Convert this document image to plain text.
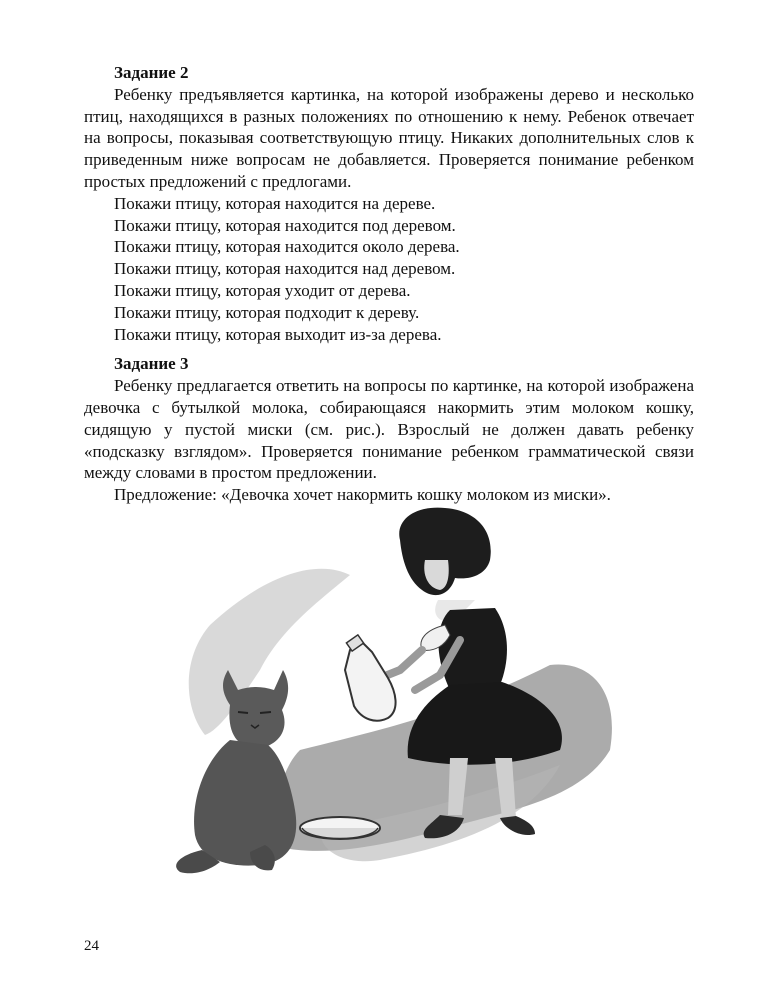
Задание 2

Ребенку предъявляется картинка, на которой изображены дерево и несколько птиц, находящихся в разных положениях по отношению к нему. Ребенок отвечает на вопросы, показывая соответствующую птицу. Никаких дополнительных слов к приведенным ниже вопросам не добавляется. Проверяется понимание ребенком простых предложений с предлогами.

Покажи птицу, которая находится на дереве.

Покажи птицу, которая находится под деревом.

Покажи птицу, которая находится около дерева.

Покажи птицу, которая находится над деревом.

Покажи птицу, которая уходит от дерева.

Покажи птицу, которая подходит к дереву.

Покажи птицу, которая выходит из-за дерева.

Задание 3

Ребенку предлагается ответить на вопросы по картинке, на которой изображена девочка с бутылкой молока, собирающаяся накормить этим молоком кошку, сидящую у пустой миски (см. рис.). Взрослый не должен давать ребенку «подсказку взглядом». Проверяется понимание ребенком грамматической связи между словами в простом предложении.

Предложение: «Девочка хочет накормить кошку молоком из миски».

24
